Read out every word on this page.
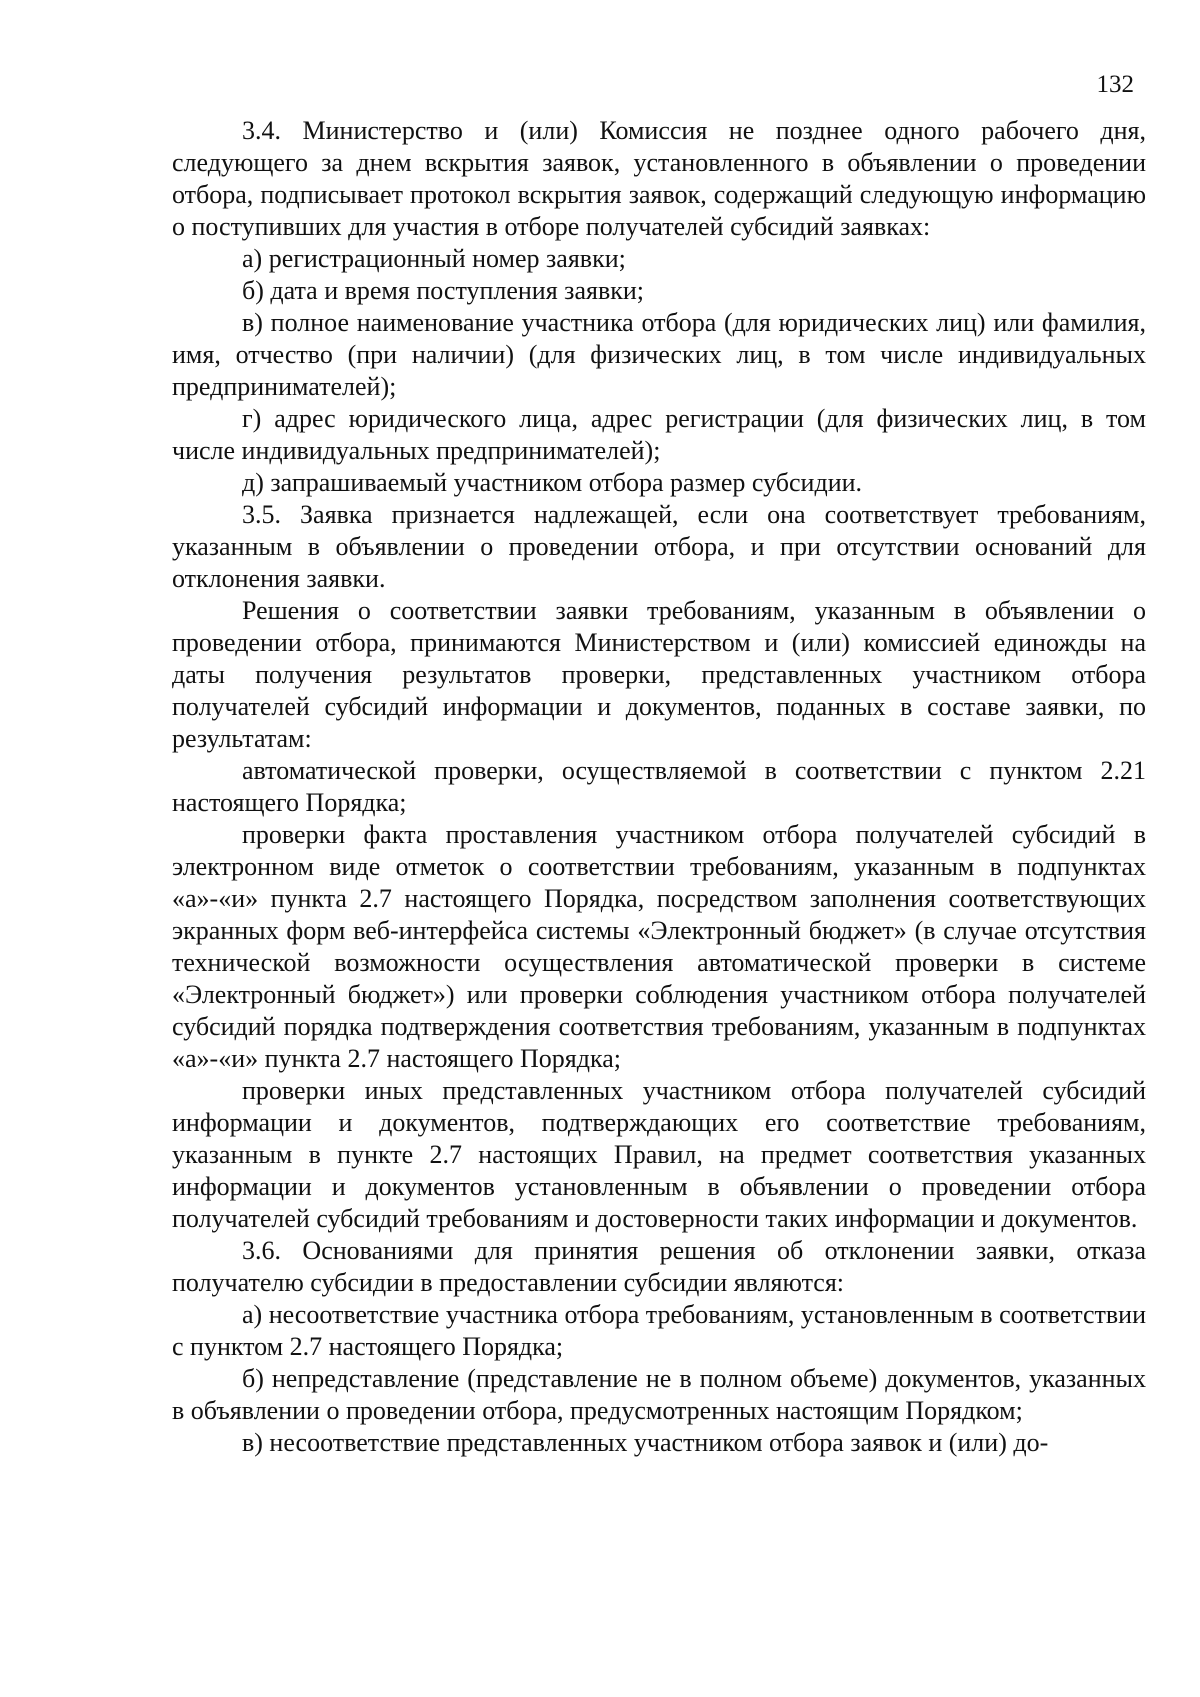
132

3.4. Министерство и (или) Комиссия не позднее одного рабочего дня, следующего за днем вскрытия заявок, установленного в объявлении о проведении отбора, подписывает протокол вскрытия заявок, содержащий следующую информацию о поступивших для участия в отборе получателей субсидий заявках:

а) регистрационный номер заявки;

б) дата и время поступления заявки;

в) полное наименование участника отбора (для юридических лиц) или фамилия, имя, отчество (при наличии) (для физических лиц, в том числе индивидуальных предпринимателей);

г) адрес юридического лица, адрес регистрации (для физических лиц, в том числе индивидуальных предпринимателей);

д) запрашиваемый участником отбора размер субсидии.

3.5. Заявка признается надлежащей, если она соответствует требованиям, указанным в объявлении о проведении отбора, и при отсутствии оснований для отклонения заявки.

Решения о соответствии заявки требованиям, указанным в объявлении о проведении отбора, принимаются Министерством и (или) комиссией единожды на даты получения результатов проверки, представленных участником отбора получателей субсидий информации и документов, поданных в составе заявки, по результатам:

автоматической проверки, осуществляемой в соответствии с пунктом 2.21 настоящего Порядка;

проверки факта проставления участником отбора получателей субсидий в электронном виде отметок о соответствии требованиям, указанным в подпунктах «а»-«и» пункта 2.7 настоящего Порядка, посредством заполнения соответствующих экранных форм веб-интерфейса системы «Электронный бюджет» (в случае отсутствия технической возможности осуществления автоматической проверки в системе «Электронный бюджет») или проверки соблюдения участником отбора получателей субсидий порядка подтверждения соответствия требованиям, указанным в подпунктах «а»-«и» пункта 2.7 настоящего Порядка;

проверки иных представленных участником отбора получателей субсидий информации и документов, подтверждающих его соответствие требованиям, указанным в пункте 2.7 настоящих Правил, на предмет соответствия указанных информации и документов установленным в объявлении о проведении отбора получателей субсидий требованиям и достоверности таких информации и документов.

3.6. Основаниями для принятия решения об отклонении заявки, отказа получателю субсидии в предоставлении субсидии являются:

а) несоответствие участника отбора требованиям, установленным в соответствии с пунктом 2.7 настоящего Порядка;

б) непредставление (представление не в полном объеме) документов, указанных в объявлении о проведении отбора, предусмотренных настоящим Порядком;

в) несоответствие представленных участником отбора заявок и (или) до-
